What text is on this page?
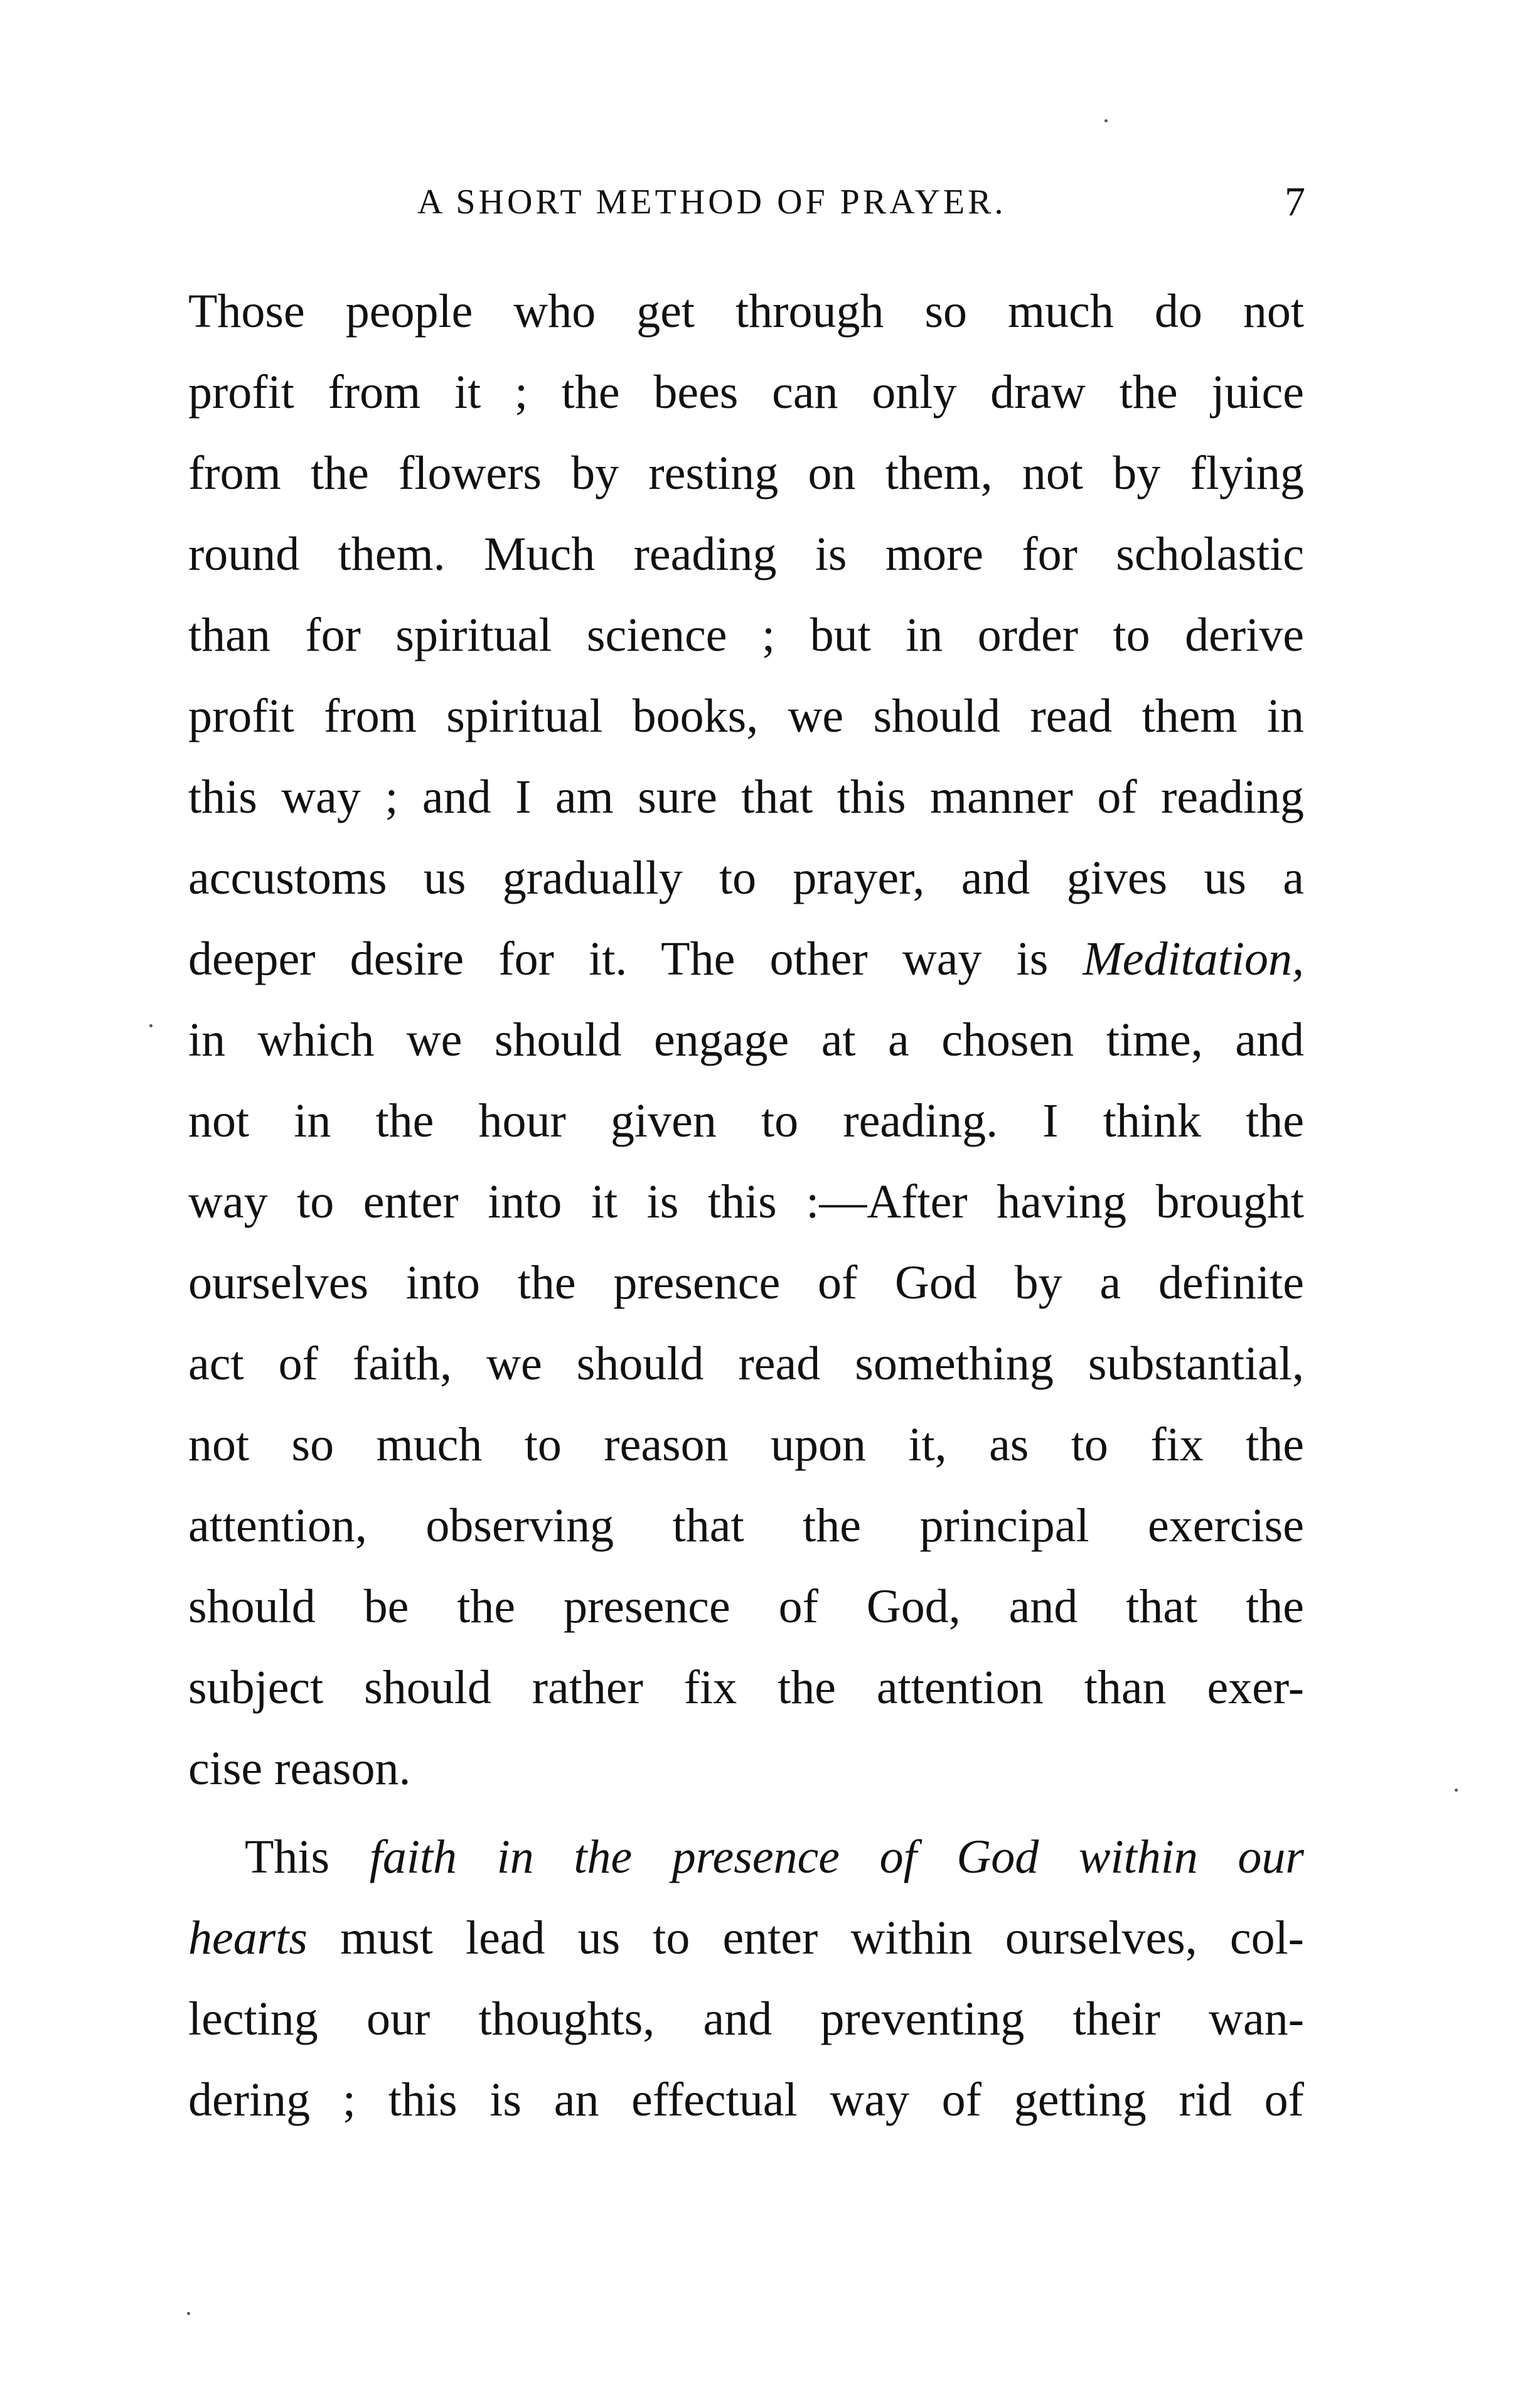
A SHORT METHOD OF PRAYER.	7
Those people who get through so much do not
profit from it ; the bees can only draw the juice
from the flowers by resting on them, not by flying
round them. Much reading is more for scholastic
than for spiritual science ; but in order to derive
profit from spiritual books, we should read them in
this way ; and I am sure that this manner of reading
accustoms us gradually to prayer, and gives us a
deeper desire for it. The other way is Meditation,
in which we should engage at a chosen time, and
not in the hour given to reading. I think the
way to enter into it is this :—After having brought
ourselves into the presence of God by a definite
act of faith, we should read something substantial,
not so much to reason upon it, as to fix the
attention, observing that the principal exercise
should be the presence of God, and that the
subject should rather fix the attention than exer-
cise reason.
This faith in the presence of God within our
hearts must lead us to enter within ourselves, col-
lecting our thoughts, and preventing their wan-
dering ; this is an effectual way of getting rid of
